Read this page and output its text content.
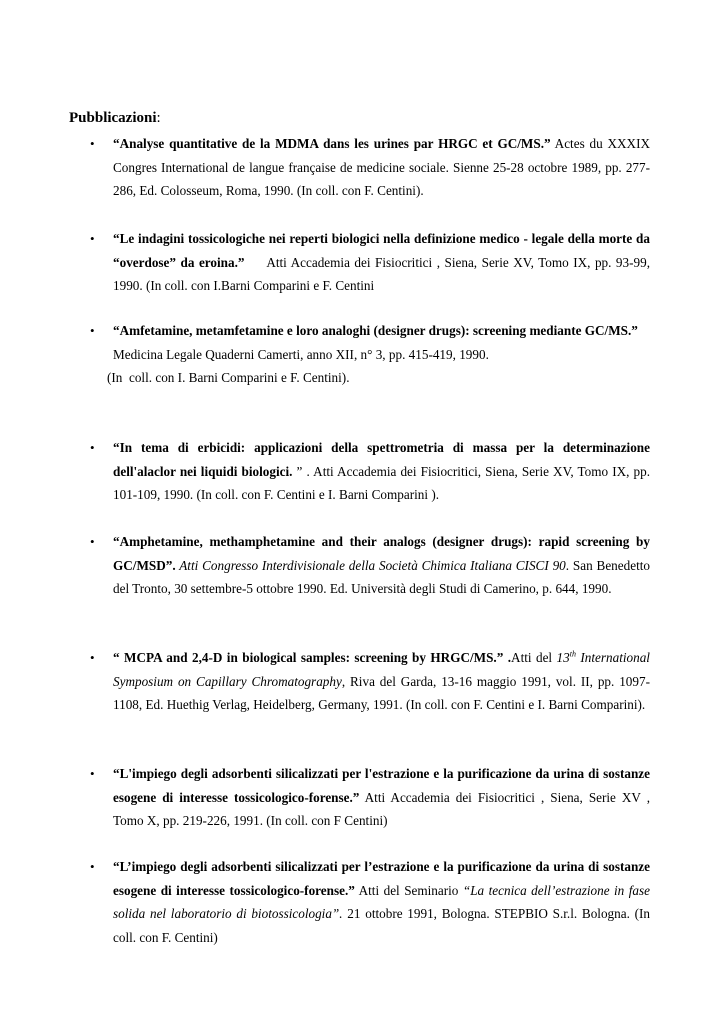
Pubblicazioni:
• “Analyse quantitative de la MDMA dans les urines par HRGC et GC/MS.” Actes du XXXIX Congres International de langue française de medicine sociale. Sienne 25-28 octobre 1989, pp. 277-286, Ed. Colosseum, Roma, 1990. (In coll. con F. Centini).
• “Le indagini tossicologiche nei reperti biologici nella definizione medico - legale della morte da “overdose” da eroina.”     Atti Accademia dei Fisiocritici , Siena, Serie XV, Tomo IX, pp. 93-99, 1990. (In coll. con I.Barni Comparini e F. Centini
• “Amfetamine, metamfetamine e loro analoghi (designer drugs): screening mediante GC/MS.”
Medicina Legale Quaderni Camerti, anno XII, n° 3, pp. 415-419, 1990.
(In  coll. con I. Barni Comparini e F. Centini).
• “In tema di erbicidi: applicazioni della spettrometria di massa per la determinazione dell'alaclor nei liquidi biologici. ” . Atti Accademia dei Fisiocritici, Siena, Serie XV, Tomo IX, pp. 101-109, 1990. (In coll. con F. Centini e I. Barni Comparini ).
• “Amphetamine, methamphetamine and their analogs (designer drugs): rapid screening by GC/MSD”. Atti Congresso Interdivisionale della Società Chimica Italiana CISCI 90. San Benedetto del Tronto, 30 settembre-5 ottobre 1990. Ed. Università degli Studi di Camerino, p. 644, 1990.
• “ MCPA and 2,4-D in biological samples: screening by HRGC/MS.” .Atti del 13th International Symposium on Capillary Chromatography, Riva del Garda, 13-16 maggio 1991, vol. II, pp. 1097-1108, Ed. Huethig Verlag, Heidelberg, Germany, 1991. (In coll. con F. Centini e I. Barni Comparini).
• “L'impiego degli adsorbenti silicalizzati per l'estrazione e la purificazione da urina di sostanze esogene di interesse tossicologico-forense.” Atti Accademia dei Fisiocritici , Siena, Serie XV , Tomo X, pp. 219-226, 1991. (In coll. con F Centini)
• “L’impiego degli adsorbenti silicalizzati per l’estrazione e la purificazione da urina di sostanze esogene di interesse tossicologico-forense.” Atti del Seminario “La tecnica dell’estrazione in fase solida nel laboratorio di biotossicologia”. 21 ottobre 1991, Bologna. STEPBIO S.r.l. Bologna. (In coll. con F. Centini)
